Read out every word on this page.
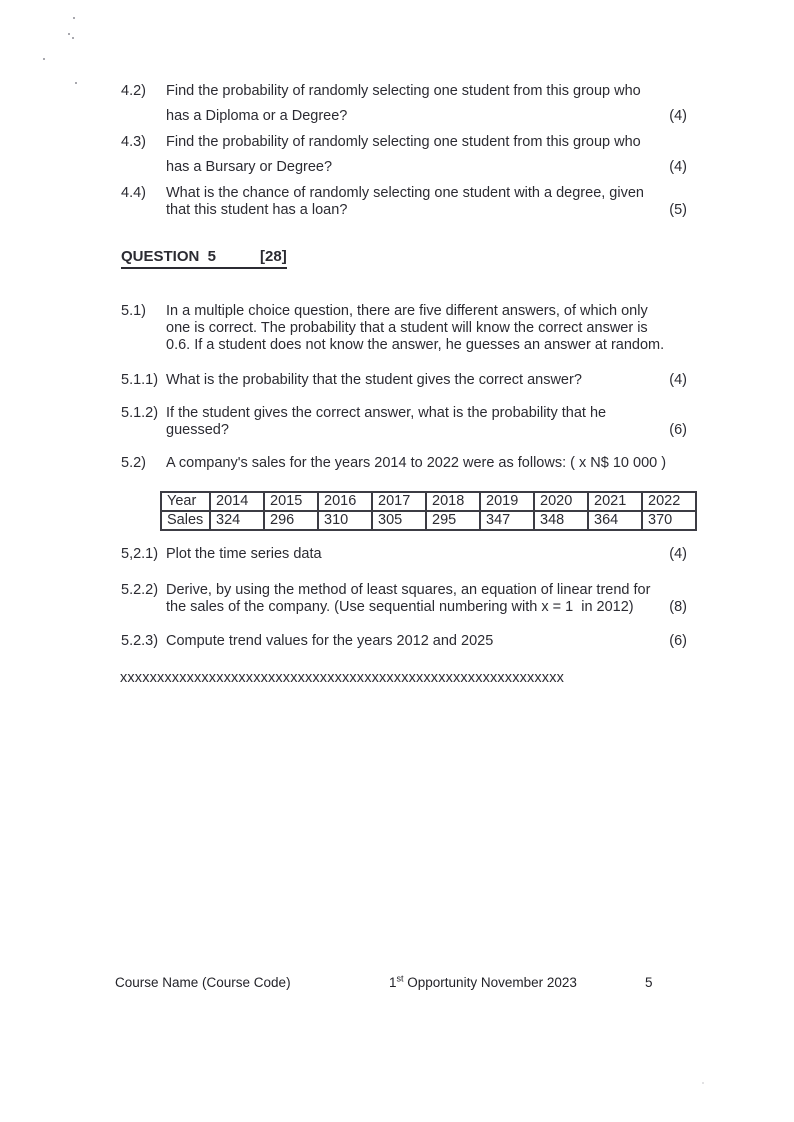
4.2)

Find the probability of randomly selecting one student from this group who

has a Diploma or a Degree?

	(4)

4.3)

Find the probability of randomly selecting one student from this group who

has a Bursary or Degree?

	(4)

4.4)

What is the chance of randomly selecting one student with a degree, given

that this student has a loan?

	(5)

QUESTION  5	[28]

5.1)

In a multiple choice question, there are five different answers, of which only

one is correct. The probability that a student will know the correct answer is

0.6. If a student does not know the answer, he guesses an answer at random.

5.1.1)

What is the probability that the student gives the correct answer?

	(4)

5.1.2)

If the student gives the correct answer, what is the probability that he

guessed?

	(6)

5.2)

A company's sales for the years 2014 to 2022 were as follows: ( x N$ 10 000 )

Year	2014	2015	2016	2017	2018	2019	2020	2021	2022
Sales	324	296	310	305	295	347	348	364	370

5,2.1)

Plot the time series data

	(4)

5.2.2)

Derive, by using the method of least squares, an equation of linear trend for

the sales of the company. (Use sequential numbering with x = 1  in 2012)

(8)

5.2.3)

Compute trend values for the years 2012 and 2025

	(6)

xxxxxxxxxxxxxxxxxxxxxxxxxxxxxxxxxxxxxxxxxxxxxxxxxxxxxxxxxxxx
Course Name (Course Code)	1st Opportunity November 2023	5
